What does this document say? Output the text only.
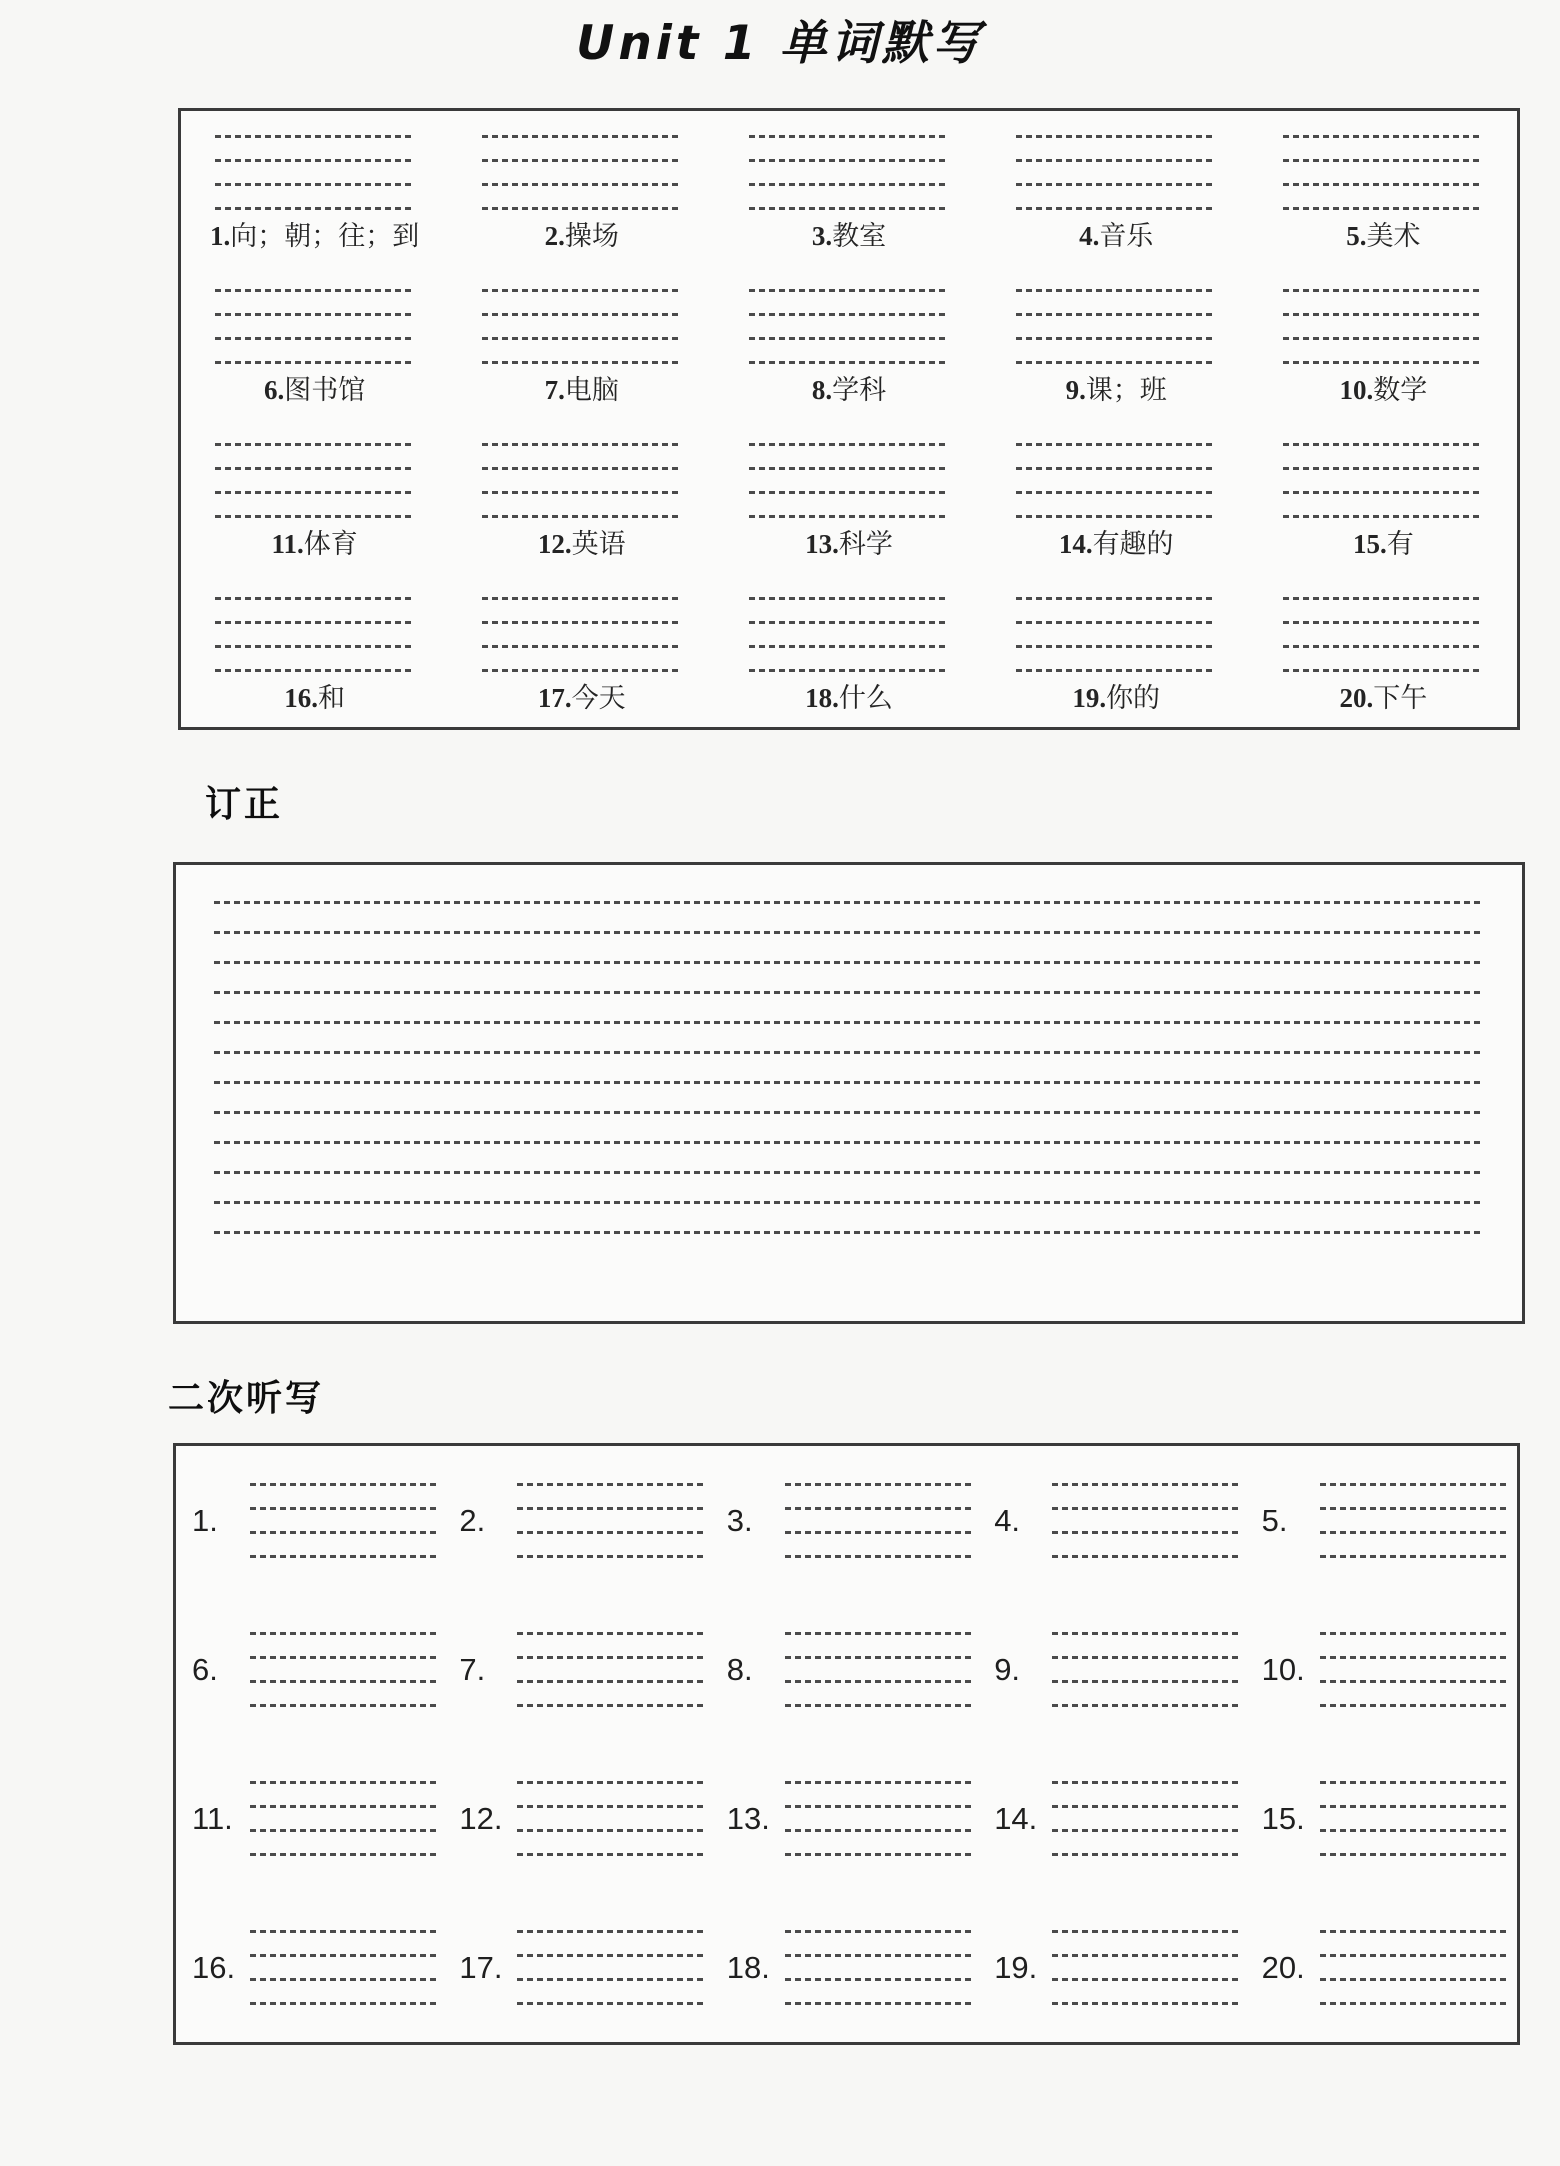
Unit 1 单词默写
1.向；朝；往；到	2.操场	3.教室	4.音乐	5.美术
6.图书馆	7.电脑	8.学科	9.课；班	10.数学
11.体育	12.英语	13.科学	14.有趣的	15.有
16.和	17.今天	18.什么	19.你的	20.下午
订正
二次听写
1.	2.	3.	4.	5.
6.	7.	8.	9.	10.
11.	12.	13.	14.	15.
16.	17.	18.	19.	20.
